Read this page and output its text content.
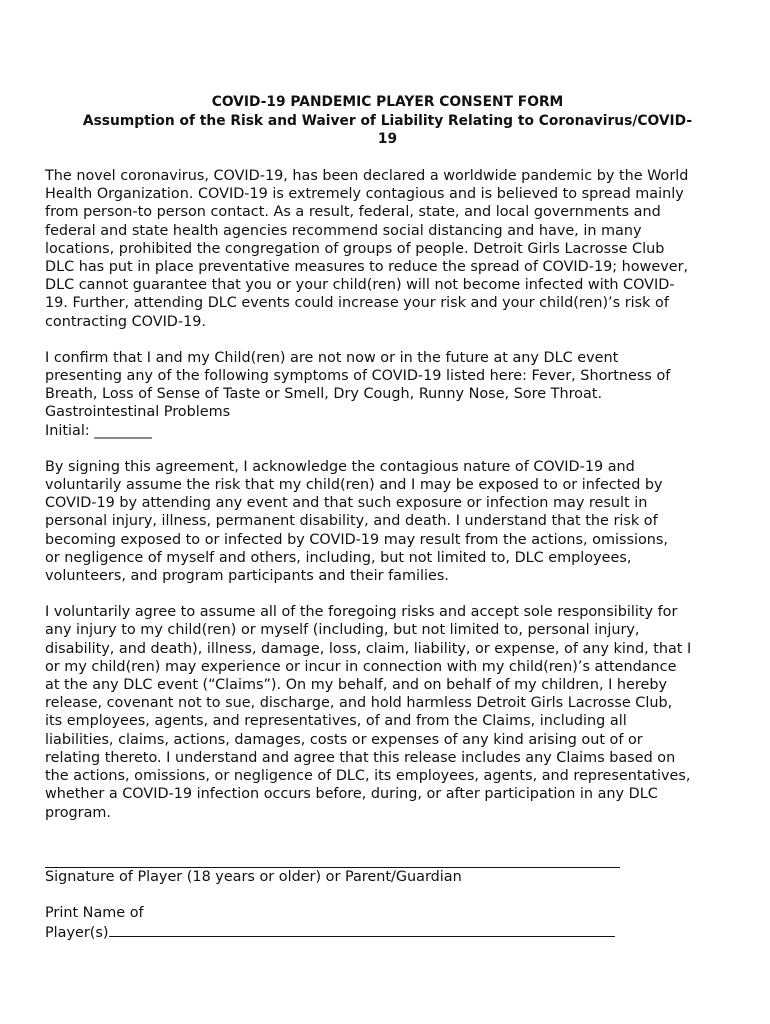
COVID-19 PANDEMIC PLAYER CONSENT FORM

Assumption of the Risk and Waiver of Liability Relating to Coronavirus/COVID-
19

The novel coronavirus, COVID-19, has been declared a worldwide pandemic by the World
Health Organization. COVID-19 is extremely contagious and is believed to spread mainly
from person-to person contact. As a result, federal, state, and local governments and
federal and state health agencies recommend social distancing and have, in many
locations, prohibited the congregation of groups of people. Detroit Girls Lacrosse Club
DLC has put in place preventative measures to reduce the spread of COVID-19; however,
DLC cannot guarantee that you or your child(ren) will not become infected with COVID-
19. Further, attending DLC events could increase your risk and your child(ren)’s risk of
contracting COVID-19.

I confirm that I and my Child(ren) are not now or in the future at any DLC event
presenting any of the following symptoms of COVID-19 listed here: Fever, Shortness of
Breath, Loss of Sense of Taste or Smell, Dry Cough, Runny Nose, Sore Throat.
Gastrointestinal Problems
Initial: ________

By signing this agreement, I acknowledge the contagious nature of COVID-19 and
voluntarily assume the risk that my child(ren) and I may be exposed to or infected by
COVID-19 by attending any event and that such exposure or infection may result in
personal injury, illness, permanent disability, and death. I understand that the risk of
becoming exposed to or infected by COVID-19 may result from the actions, omissions,
or negligence of myself and others, including, but not limited to, DLC employees,
volunteers, and program participants and their families.

I voluntarily agree to assume all of the foregoing risks and accept sole responsibility for
any injury to my child(ren) or myself (including, but not limited to, personal injury,
disability, and death), illness, damage, loss, claim, liability, or expense, of any kind, that I
or my child(ren) may experience or incur in connection with my child(ren)’s attendance
at the any DLC event (“Claims”). On my behalf, and on behalf of my children, I hereby
release, covenant not to sue, discharge, and hold harmless Detroit Girls Lacrosse Club,
its employees, agents, and representatives, of and from the Claims, including all
liabilities, claims, actions, damages, costs or expenses of any kind arising out of or
relating thereto. I understand and agree that this release includes any Claims based on
the actions, omissions, or negligence of DLC, its employees, agents, and representatives,
whether a COVID-19 infection occurs before, during, or after participation in any DLC
program.

Signature of Player (18 years or older) or Parent/Guardian
Print Name of
Player(s)
